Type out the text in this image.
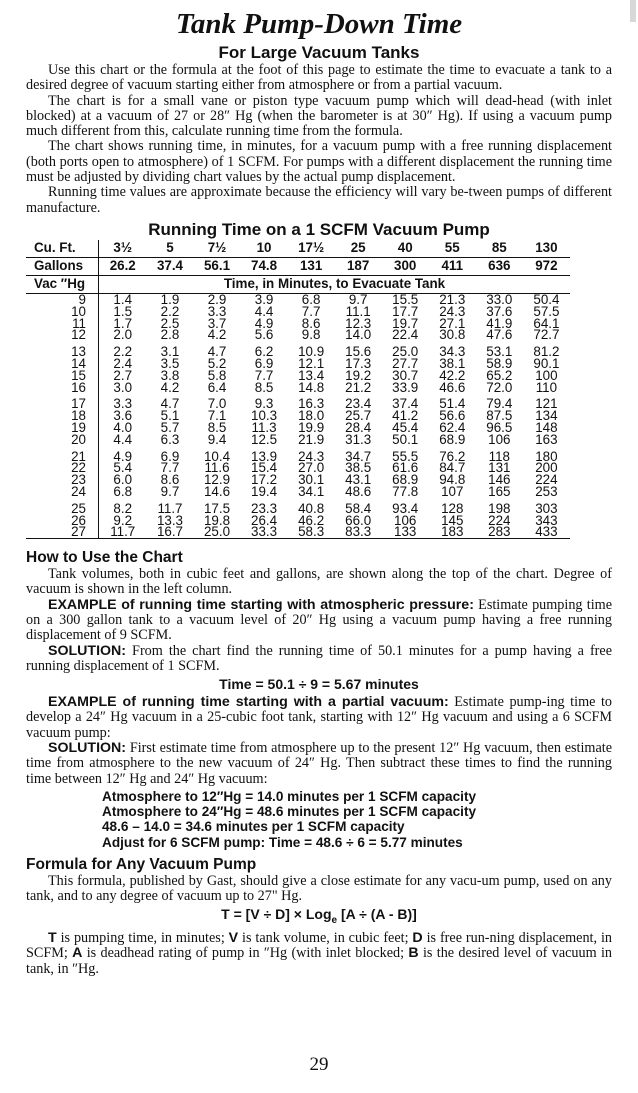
Tank Pump-Down Time
For Large Vacuum Tanks

Use this chart or the formula at the foot of this page to estimate the time to evacuate a tank to a desired degree of vacuum starting either from atmosphere or from a partial vacuum.

The chart is for a small vane or piston type vacuum pump which will dead-head (with inlet blocked) at a vacuum of 27 or 28″ Hg (when the barometer is at 30″ Hg). If using a vacuum pump much different from this, calculate running time from the formula.

The chart shows running time, in minutes, for a vacuum pump with a free running displacement (both ports open to atmosphere) of 1 SCFM. For pumps with a different displacement the running time must be adjusted by dividing chart values by the actual pump displacement.

Running time values are approximate because the efficiency will vary be-tween pumps of different manufacture.

Running Time on a 1 SCFM Vacuum Pump
Cu. Ft.	3½	5	7½	10	17½	25	40	55	85	130
Gallons	26.2	37.4	56.1	74.8	131	187	300	411	636	972
Vac ″Hg	Time, in Minutes, to Evacuate Tank									
9	1.4	1.9	2.9	3.9	6.8	9.7	15.5	21.3	33.0	50.4
10	1.5	2.2	3.3	4.4	7.7	11.1	17.7	24.3	37.6	57.5
11	1.7	2.5	3.7	4.9	8.6	12.3	19.7	27.1	41.9	64.1
12	2.0	2.8	4.2	5.6	9.8	14.0	22.4	30.8	47.6	72.7
13	2.2	3.1	4.7	6.2	10.9	15.6	25.0	34.3	53.1	81.2
14	2.4	3.5	5.2	6.9	12.1	17.3	27.7	38.1	58.9	90.1
15	2.7	3.8	5.8	7.7	13.4	19.2	30.7	42.2	65.2	100
16	3.0	4.2	6.4	8.5	14.8	21.2	33.9	46.6	72.0	110
17	3.3	4.7	7.0	9.3	16.3	23.4	37.4	51.4	79.4	121
18	3.6	5.1	7.1	10.3	18.0	25.7	41.2	56.6	87.5	134
19	4.0	5.7	8.5	11.3	19.9	28.4	45.4	62.4	96.5	148
20	4.4	6.3	9.4	12.5	21.9	31.3	50.1	68.9	106	163
21	4.9	6.9	10.4	13.9	24.3	34.7	55.5	76.2	118	180
22	5.4	7.7	11.6	15.4	27.0	38.5	61.6	84.7	131	200
23	6.0	8.6	12.9	17.2	30.1	43.1	68.9	94.8	146	224
24	6.8	9.7	14.6	19.4	34.1	48.6	77.8	107	165	253
25	8.2	11.7	17.5	23.3	40.8	58.4	93.4	128	198	303
26	9.2	13.3	19.8	26.4	46.2	66.0	106	145	224	343
27	11.7	16.7	25.0	33.3	58.3	83.3	133	183	283	433
How to Use the Chart

Tank volumes, both in cubic feet and gallons, are shown along the top of the chart. Degree of vacuum is shown in the left column.

EXAMPLE of running time starting with atmospheric pressure: Estimate pumping time on a 300 gallon tank to a vacuum level of 20″ Hg using a vacuum pump having a free running displacement of 9 SCFM.

SOLUTION: From the chart find the running time of 50.1 minutes for a pump having a free running displacement of 1 SCFM.

Time = 50.1 ÷ 9 = 5.67 minutes

EXAMPLE of running time starting with a partial vacuum: Estimate pump-ing time to develop a 24″ Hg vacuum in a 25-cubic foot tank, starting with 12″ Hg vacuum and using a 6 SCFM vacuum pump:

SOLUTION: First estimate time from atmosphere up to the present 12″ Hg vacuum, then estimate time from atmosphere to the new vacuum of 24″ Hg. Then subtract these times to find the running time between 12″ Hg and 24″ Hg vacuum:

Atmosphere to 12″Hg = 14.0 minutes per 1 SCFM capacity
Atmosphere to 24″Hg = 48.6 minutes per 1 SCFM capacity
48.6 – 14.0 = 34.6 minutes per 1 SCFM capacity
Adjust for 6 SCFM pump: Time = 48.6 ÷ 6 = 5.77 minutes
Formula for Any Vacuum Pump

This formula, published by Gast, should give a close estimate for any vacu-um pump, used on any tank, and to any degree of vacuum up to 27" Hg.

T = [V ÷ D] × Log$_e$ [A ÷ (A - B)]

T is pumping time, in minutes; V is tank volume, in cubic feet; D is free run-ning displacement, in SCFM; A is deadhead rating of pump in ″Hg (with inlet blocked; B is the desired level of vacuum in tank, in ″Hg.

29
